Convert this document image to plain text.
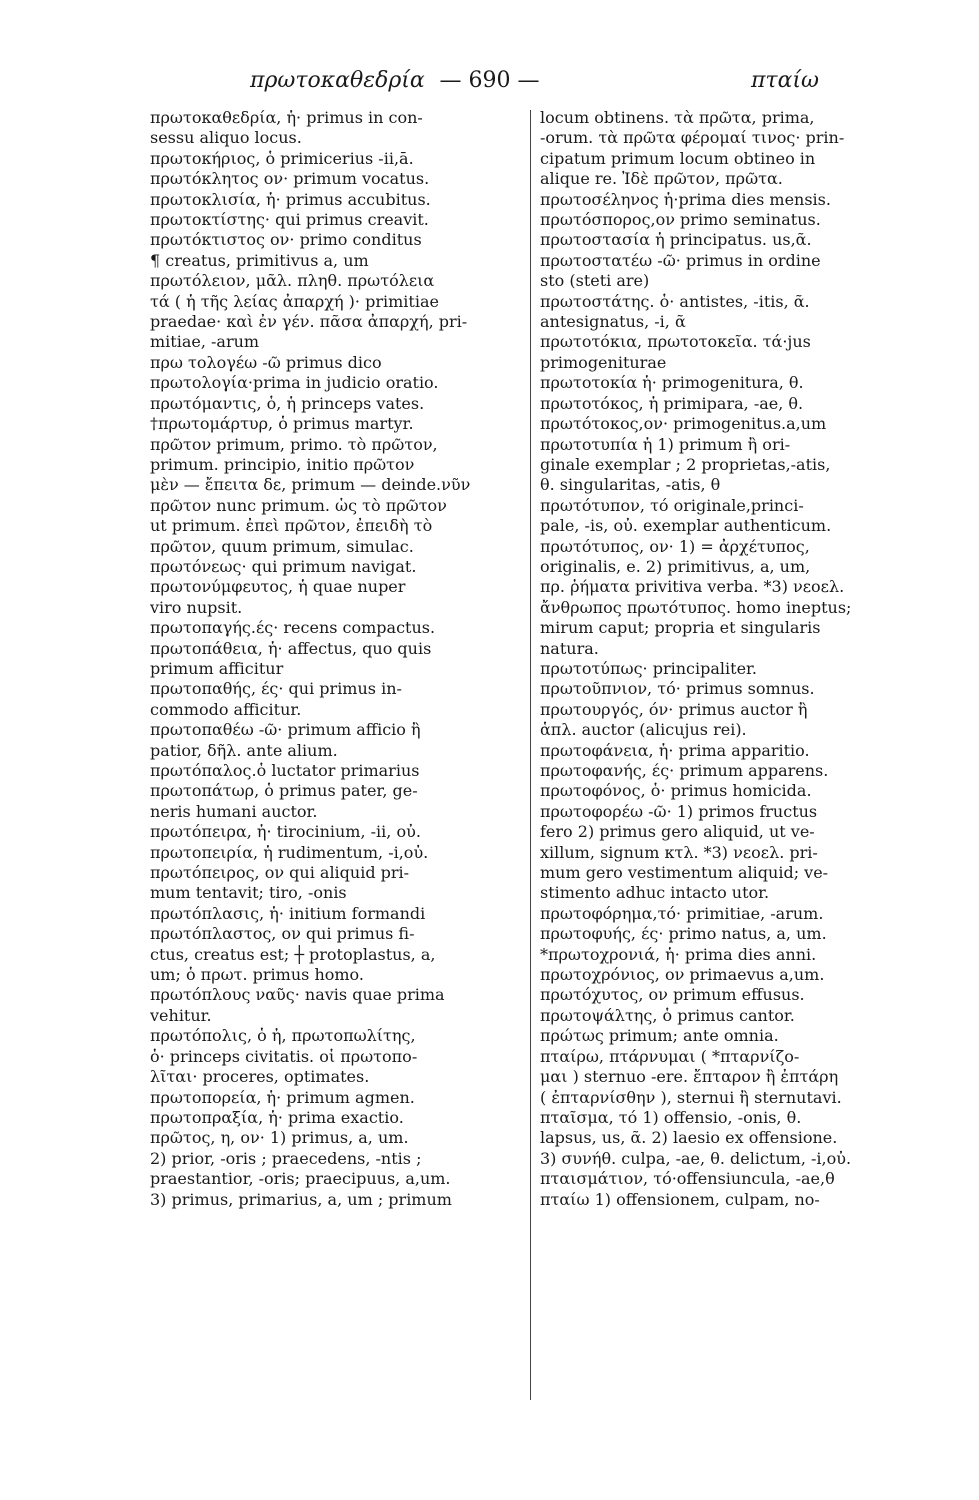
πρωτοκαθεδρία — 690 —	πταίω
πρωτοκαθεδρία, ἡ· primus in con-
sessu aliquo locus.
πρωτοκήριος, ὁ primicerius -ii,ā.
πρωτόκλητος ον· primum vocatus.
πρωτοκλισία, ἡ· primus accubitus.
πρωτοκτίστης· qui primus creavit.
πρωτόκτιστος ον· primo conditus
¶ creatus, primitivus a, um
πρωτόλειον, μᾶλ. πληθ. πρωτόλεια
τά ( ἡ τῆς λείας ἀπαρχή )· primitiae
praedae· καὶ ἐν γέν. πᾶσα ἀπαρχή, pri-
mitiae, -arum
πρω τολογέω -ῶ primus dico
πρωτολογία·prima in judicio oratio.
πρωτόμαντις, ὁ, ἡ princeps vates.
†πρωτομάρτυρ, ὁ primus martyr.
πρῶτον primum, primo. τὸ πρῶτον,
primum. principio, initio πρῶτον
μὲν — ἔπειτα δε, primum — deinde.νῦν
πρῶτον nunc primum. ὡς τὸ πρῶτον
ut primum. ἐπεὶ πρῶτον, ἐπειδὴ τὸ
πρῶτον, quum primum, simulac.
πρωτόνεως· qui primum navigat.
πρωτονύμφευτος, ἡ quae nuper
viro nupsit.
πρωτοπαγής.ές· recens compactus.
πρωτοπάθεια, ἡ· affectus, quo quis
primum afficitur
πρωτοπαθής, ές· qui primus in-
commodo afficitur.
πρωτοπαθέω -ῶ· primum afficio ἢ
patior, δῆλ. ante alium.
πρωτόπαλος.ὁ luctator primarius
πρωτοπάτωρ, ὁ primus pater, ge-
neris humani auctor.
πρωτόπειρα, ἡ· tirocinium, -ii, οὐ.
πρωτοπειρία, ἡ rudimentum, -i,οὐ.
πρωτόπειρος, ον qui aliquid pri-
mum tentavit; tiro, -onis
πρωτόπλασις, ἡ· initium formandi
πρωτόπλαστος, ον qui primus fi-
ctus, creatus est; ┼ protoplastus, a,
um; ὁ πρωτ. primus homo.
πρωτόπλους ναῦς· navis quae prima
vehitur.
πρωτόπολις, ὁ ἡ, πρωτοπωλίτης,
ὁ· princeps civitatis. οἱ πρωτοπο-
λῖται· proceres, optimates.
πρωτοπορεία, ἡ· primum agmen.
πρωτοπραξία, ἡ· prima exactio.
πρῶτος, η, ον· 1) primus, a, um.
2) prior, -oris ; praecedens, -ntis ;
praestantior, -oris; praecipuus, a,um.
3) primus, primarius, a, um ; primum
locum obtinens. τὰ πρῶτα, prima,
-orum. τὰ πρῶτα φέρομαί τινος· prin-
cipatum primum locum obtineo in
alique re. Ἰδὲ πρῶτον, πρῶτα.
πρωτοσέληνος ἡ·prima dies mensis.
πρωτόσπορος,ον primo seminatus.
πρωτοστασία ἡ principatus. us,ᾶ.
πρωτοστατέω -ῶ· primus in ordine
sto (steti are)
πρωτοστάτης. ὁ· antistes, -itis, ᾶ.
antesignatus, -i, ᾶ
πρωτοτόκια, πρωτοτοκεῖα. τά·jus
primogeniturae
πρωτοτοκία ἡ· primogenitura, θ.
πρωτοτόκος, ἡ primipara, -ae, θ.
πρωτότοκος,ον· primogenitus.a,um
πρωτοτυπία ἡ 1) primum ἢ ori-
ginale exemplar ; 2 proprietas,-atis,
θ. singularitas, -atis, θ
πρωτότυπον, τό originale,princi-
pale, -is, οὐ. exemplar authenticum.
πρωτότυπος, ον· 1) = ἀρχέτυπος,
originalis, e. 2) primitivus, a, um,
πρ. ῥήματα privitiva verba. *3) νεοελ.
ἄνθρωπος πρωτότυπος. homo ineptus;
mirum caput; propria et singularis
natura.
πρωτοτύπως· principaliter.
πρωτοῦπνιον, τό· primus somnus.
πρωτουργός, όν· primus auctor ἢ
ἁπλ. auctor (alicujus rei).
πρωτοφάνεια, ἡ· prima apparitio.
πρωτοφανής, ές· primum apparens.
πρωτοφόνος, ὁ· primus homicida.
πρωτοφορέω -ῶ· 1) primos fructus
fero 2) primus gero aliquid, ut ve-
xillum, signum κτλ. *3) νεοελ. pri-
mum gero vestimentum aliquid; ve-
stimento adhuc intacto utor.
πρωτοφόρημα,τό· primitiae, -arum.
πρωτοφυής, ές· primo natus, a, um.
*πρωτοχρονιά, ἡ· prima dies anni.
πρωτοχρόνιος, ον primaevus a,um.
πρωτόχυτος, ον primum effusus.
πρωτοψάλτης, ὁ primus cantor.
πρώτως primum; ante omnia.
πταίρω, πτάρνυμαι ( *πταρνίζο-
μαι ) sternuo -ere. ἔπταρον ἢ ἐπτάρη
( ἐπταρνίσθην ), sternui ἢ sternutavi.
πταῖσμα, τό 1) offensio, -onis, θ.
lapsus, us, ᾶ. 2) laesio ex offensione.
3) συνήθ. culpa, -ae, θ. delictum, -i,οὐ.
πταισμάτιον, τό·offensiuncula, -ae,θ
πταίω 1) offensionem, culpam, no-
